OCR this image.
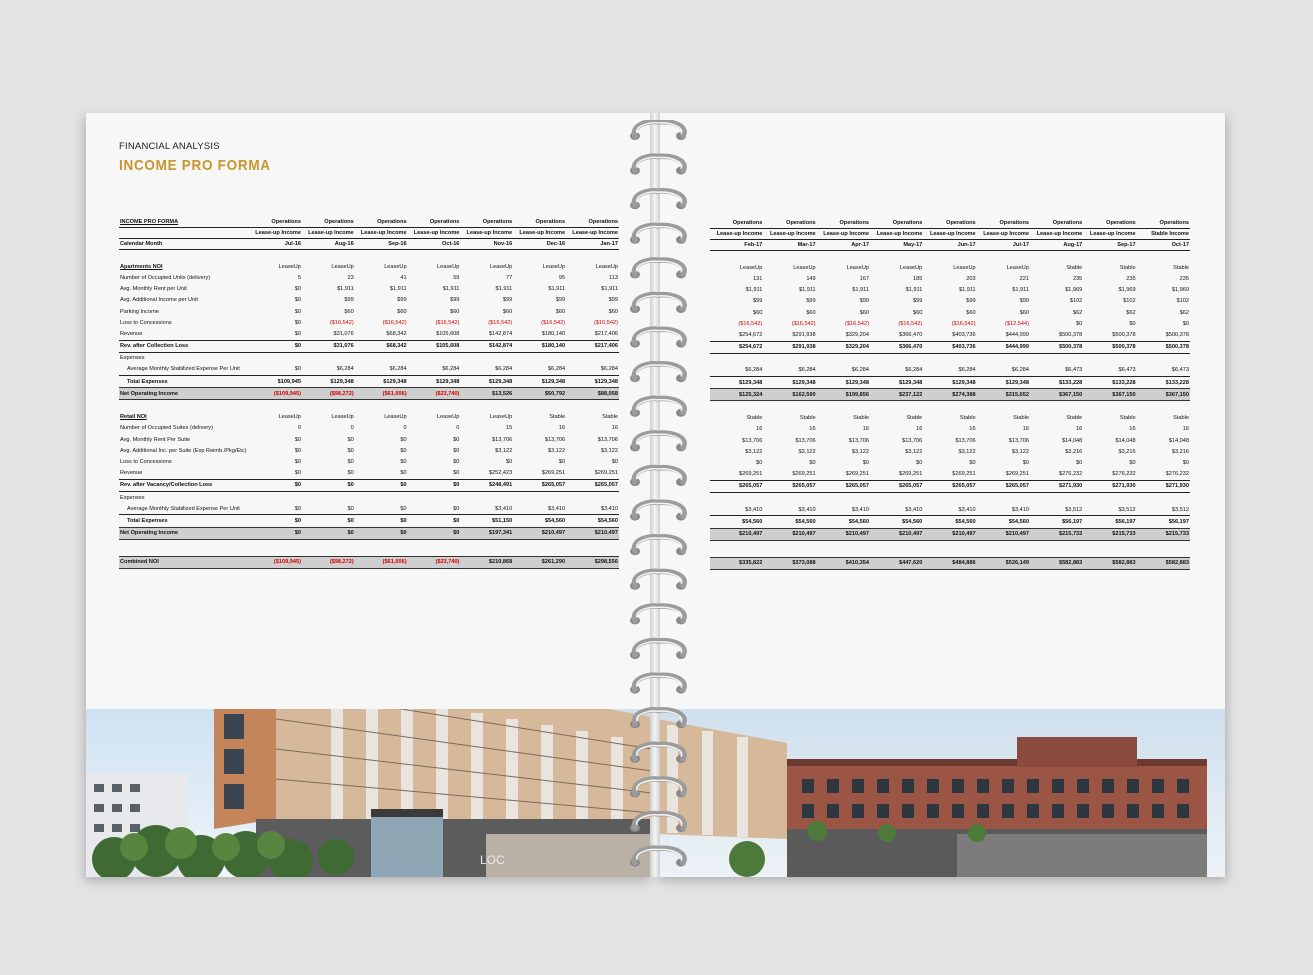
FINANCIAL ANALYSIS
INCOME PRO FORMA
INCOME PRO FORMA	Operations	Operations	Operations	Operations	Operations	Operations	Operations
	Lease-up Income	Lease-up Income	Lease-up Income	Lease-up Income	Lease-up Income	Lease-up Income	Lease-up Income
Calendar Month	Jul-16	Aug-16	Sep-16	Oct-16	Nov-16	Dec-16	Jan-17

Apartments NOI	LeaseUp	LeaseUp	LeaseUp	LeaseUp	LeaseUp	LeaseUp	LeaseUp
Number of Occupied Units (delivery)	5	23	41	59	77	95	113
Avg. Monthly Rent per Unit	$0	$1,911	$1,911	$1,911	$1,911	$1,911	$1,911
Avg. Additional Income per Unit	$0	$99	$99	$99	$99	$99	$99
Parking Income	$0	$60	$60	$60	$60	$60	$60
Loss to Concessions	$0	($16,542)	($16,542)	($16,542)	($16,542)	($16,542)	($16,542)
Revenue	$0	$31,076	$68,342	$105,608	$142,874	$180,140	$217,406
Rev. after Collection Loss	$0	$31,076	$68,342	$105,608	$142,874	$180,140	$217,406
Expenses							
Average Monthly Stabilized Expense Per Unit	$0	$6,284	$6,284	$6,284	$6,284	$6,284	$6,284
Total Expenses	$109,945	$129,348	$129,348	$129,348	$129,348	$129,348	$129,348
Net Operating Income	($109,945)	($98,272)	($61,006)	($23,740)	$13,526	$50,792	$88,058

Retail NOI	LeaseUp	LeaseUp	LeaseUp	LeaseUp	LeaseUp	Stable	Stable
Number of Occupied Suites (delivery)	0	0	0	0	15	16	16
Avg. Monthly Rent Per Suite	$0	$0	$0	$0	$13,706	$13,706	$13,706
Avg. Additional Inc. per Suite (Exp Reimb./Pkg/Etc)	$0	$0	$0	$0	$3,122	$3,122	$3,122
Loss to Concessions	$0	$0	$0	$0	$0	$0	$0
Revenue	$0	$0	$0	$0	$252,423	$269,251	$269,251
Rev. after Vacancy/Collection Loss	$0	$0	$0	$0	$248,491	$265,057	$265,057
Expenses							
Average Monthly Stabilized Expense Per Unit	$0	$0	$0	$0	$3,410	$3,410	$3,410
Total Expenses	$0	$0	$0	$0	$51,150	$54,560	$54,560
Net Operating Income	$0	$0	$0	$0	$197,341	$210,497	$210,497

Combined NOI	($109,945)	($98,272)	($61,006)	($23,740)	$210,868	$261,290	$298,556
LOC
Operations	Operations	Operations	Operations	Operations	Operations	Operations	Operations	Operations
Lease-up Income	Lease-up Income	Lease-up Income	Lease-up Income	Lease-up Income	Lease-up Income	Lease-up Income	Lease-up Income	Stable Income
Feb-17	Mar-17	Apr-17	May-17	Jun-17	Jul-17	Aug-17	Sep-17	Oct-17

LeaseUp	LeaseUp	LeaseUp	LeaseUp	LeaseUp	LeaseUp	Stable	Stable	Stable
131	149	167	185	203	221	235	235	235
$1,911	$1,911	$1,911	$1,911	$1,911	$1,911	$1,969	$1,969	$1,969
$99	$99	$99	$99	$99	$99	$102	$102	$102
$60	$60	$60	$60	$60	$60	$62	$62	$62
($16,542)	($16,542)	($16,542)	($16,542)	($16,542)	($12,544)	$0	$0	$0
$254,672	$291,938	$329,204	$366,470	$403,736	$444,999	$500,378	$500,378	$500,378
$254,672	$291,938	$329,204	$366,470	$403,736	$444,999	$500,378	$500,378	$500,378

$6,284	$6,284	$6,284	$6,284	$6,284	$6,284	$6,473	$6,473	$6,473
$129,348	$129,348	$129,348	$129,348	$129,348	$129,348	$133,228	$133,228	$133,228
$125,324	$162,590	$199,856	$237,122	$274,388	$315,652	$367,150	$367,150	$367,150

Stable	Stable	Stable	Stable	Stable	Stable	Stable	Stable	Stable
16	16	16	16	16	16	16	16	16
$13,706	$13,706	$13,706	$13,706	$13,706	$13,706	$14,048	$14,048	$14,048
$3,122	$3,122	$3,122	$3,122	$3,122	$3,122	$3,216	$3,216	$3,216
$0	$0	$0	$0	$0	$0	$0	$0	$0
$269,251	$269,251	$269,251	$269,251	$269,251	$269,251	$276,232	$276,232	$276,232
$265,057	$265,057	$265,057	$265,057	$265,057	$265,057	$271,930	$271,930	$271,930

$3,410	$3,410	$3,410	$3,410	$3,410	$3,410	$3,512	$3,512	$3,512
$54,560	$54,560	$54,560	$54,560	$54,560	$54,560	$56,197	$56,197	$56,197
$210,497	$210,497	$210,497	$210,497	$210,497	$210,497	$215,733	$215,733	$215,733

$335,822	$373,088	$410,354	$447,620	$484,886	$526,149	$582,883	$582,883	$582,883
